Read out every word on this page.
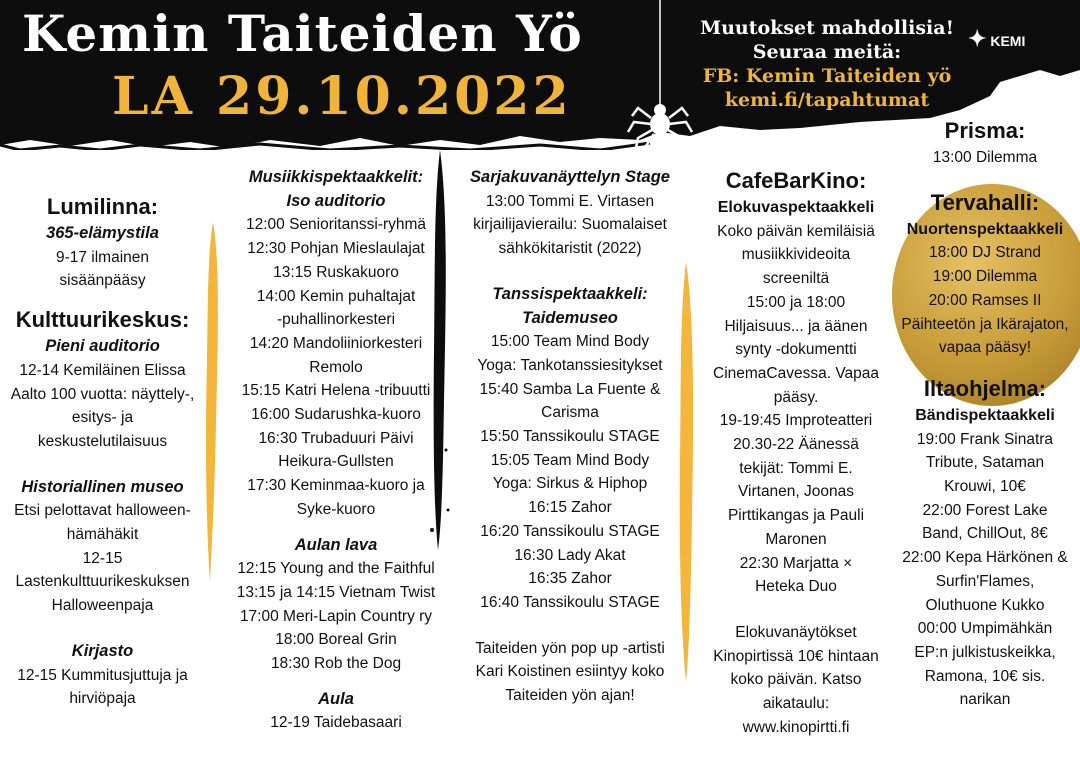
Kemin Taiteiden Yö
LA 29.10.2022
Muutokset mahdollisia!
Seuraa meitä:
FB: Kemin Taiteiden yö
kemi.fi/tapahtumat
✦ KEMI

Lumilinna:

365-elämystila

9-17 ilmainen

sisäänpääsy

Kulttuurikeskus:

Pieni auditorio

12-14 Kemiläinen Elissa

Aalto 100 vuotta: näyttely-,

esitys- ja

keskustelutilaisuus

Historiallinen museo

Etsi pelottavat halloween-

hämähäkit

12-15

Lastenkulttuurikeskuksen

Halloweenpaja

Kirjasto

12-15 Kummitusjuttuja ja

hirviöpaja

Musiikkispektaakkelit:

Iso auditorio

12:00 Senioritanssi-ryhmä

12:30 Pohjan Mieslaulajat

13:15 Ruskakuoro

14:00 Kemin puhaltajat

-puhallinorkesteri

14:20 Mandoliiniorkesteri

Remolo

15:15 Katri Helena -tribuutti

16:00 Sudarushka-kuoro

16:30 Trubaduuri Päivi

Heikura-Gullsten

17:30 Keminmaa-kuoro ja

Syke-kuoro

Aulan lava

12:15 Young and the Faithful

13:15 ja 14:15 Vietnam Twist

17:00 Meri-Lapin Country ry

18:00 Boreal Grin

18:30 Rob the Dog

Aula

12-19 Taidebasaari

Sarjakuvanäyttelyn Stage

13:00 Tommi E. Virtasen

kirjailijavierailu: Suomalaiset

sähkökitaristit (2022)

Tanssispektaakkeli:

Taidemuseo

15:00 Team Mind Body

Yoga: Tankotanssiesitykset

15:40 Samba La Fuente &

Carisma

15:50 Tanssikoulu STAGE

15:05 Team Mind Body

Yoga: Sirkus & Hiphop

16:15 Zahor

16:20 Tanssikoulu STAGE

16:30 Lady Akat

16:35 Zahor

16:40 Tanssikoulu STAGE

Taiteiden yön pop up -artisti

Kari Koistinen esiintyy koko

Taiteiden yön ajan!

CafeBarKino:

Elokuvaspektaakkeli

Koko päivän kemiläisiä

musiikkivideoita

screeniltä

15:00 ja 18:00

Hiljaisuus... ja äänen

synty -dokumentti

CinemaCavessa. Vapaa

pääsy.

19-19:45 Improteatteri

20.30-22 Äänessä

tekijät: Tommi E.

Virtanen, Joonas

Pirttikangas ja Pauli

Maronen

22:30 Marjatta ×

Heteka Duo

Elokuvanäytökset

Kinopirtissä 10€ hintaan

koko päivän. Katso

aikataulu:

www.kinopirtti.fi

Prisma:

13:00 Dilemma

Tervahalli:

Nuortenspektaakkeli

18:00 DJ Strand

19:00 Dilemma

20:00 Ramses II

Päihteetön ja Ikärajaton,

vapaa pääsy!

Iltaohjelma:

Bändispektaakkeli

19:00 Frank Sinatra

Tribute, Sataman

Krouwi, 10€

22:00 Forest Lake

Band, ChillOut, 8€

22:00 Kepa Härkönen &

Surfin'Flames,

Oluthuone Kukko

00:00 Umpimähkän

EP:n julkistuskeikka,

Ramona, 10€ sis.

narikan
